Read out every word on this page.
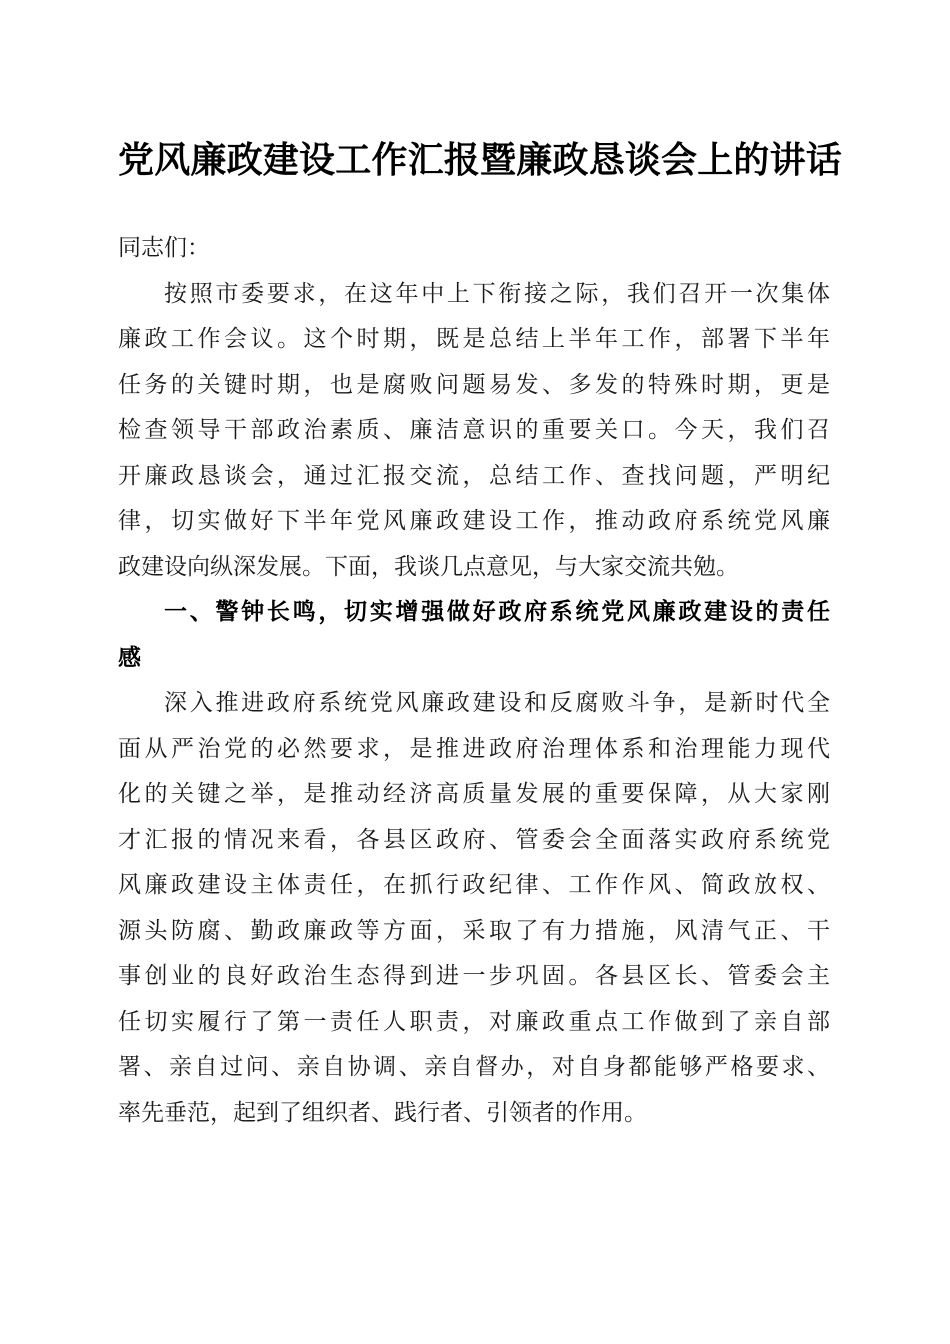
党风廉政建设工作汇报暨廉政恳谈会上的讲话
同志们：
按照市委要求，在这年中上下衔接之际，我们召开一次集体
廉政工作会议。这个时期，既是总结上半年工作，部署下半年
任务的关键时期，也是腐败问题易发、多发的特殊时期，更是
检查领导干部政治素质、廉洁意识的重要关口。今天，我们召
开廉政恳谈会，通过汇报交流，总结工作、查找问题，严明纪
律，切实做好下半年党风廉政建设工作，推动政府系统党风廉
政建设向纵深发展。下面，我谈几点意见，与大家交流共勉。
一、警钟长鸣，切实增强做好政府系统党风廉政建设的责任
感
深入推进政府系统党风廉政建设和反腐败斗争，是新时代全
面从严治党的必然要求，是推进政府治理体系和治理能力现代
化的关键之举，是推动经济高质量发展的重要保障，从大家刚
才汇报的情况来看，各县区政府、管委会全面落实政府系统党
风廉政建设主体责任，在抓行政纪律、工作作风、简政放权、
源头防腐、勤政廉政等方面，采取了有力措施，风清气正、干
事创业的良好政治生态得到进一步巩固。各县区长、管委会主
任切实履行了第一责任人职责，对廉政重点工作做到了亲自部
署、亲自过问、亲自协调、亲自督办，对自身都能够严格要求、
率先垂范，起到了组织者、践行者、引领者的作用。
